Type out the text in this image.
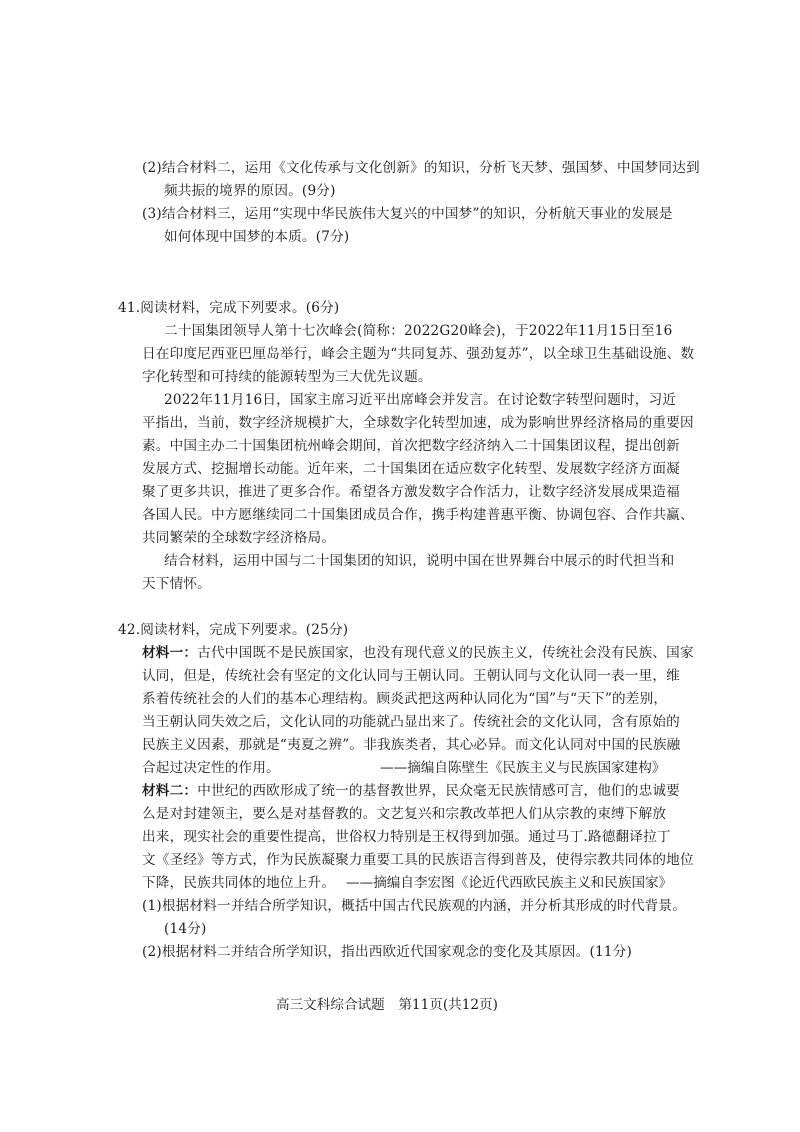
(2)结合材料二，运用《文化传承与文化创新》的知识，分析飞天梦、强国梦、中国梦同达到
频共振的境界的原因。(9分)
(3)结合材料三，运用“实现中华民族伟大复兴的中国梦”的知识，分析航天事业的发展是
如何体现中国梦的本质。(7分)
41.阅读材料，完成下列要求。(6分)
二十国集团领导人第十七次峰会(简称：2022G20峰会)，于2022年11月15日至16
日在印度尼西亚巴厘岛举行，峰会主题为“共同复苏、强劲复苏”，以全球卫生基础设施、数
字化转型和可持续的能源转型为三大优先议题。
2022年11月16日，国家主席习近平出席峰会并发言。在讨论数字转型问题时，习近
平指出，当前，数字经济规模扩大，全球数字化转型加速，成为影响世界经济格局的重要因
素。中国主办二十国集团杭州峰会期间，首次把数字经济纳入二十国集团议程，提出创新
发展方式、挖掘增长动能。近年来，二十国集团在适应数字化转型、发展数字经济方面凝
聚了更多共识，推进了更多合作。希望各方激发数字合作活力，让数字经济发展成果造福
各国人民。中方愿继续同二十国集团成员合作，携手构建普惠平衡、协调包容、合作共赢、
共同繁荣的全球数字经济格局。
结合材料，运用中国与二十国集团的知识，说明中国在世界舞台中展示的时代担当和
天下情怀。
42.阅读材料，完成下列要求。(25分)
材料一：古代中国既不是民族国家，也没有现代意义的民族主义，传统社会没有民族、国家
认同，但是，传统社会有坚定的文化认同与王朝认同。王朝认同与文化认同一表一里，维
系着传统社会的人们的基本心理结构。顾炎武把这两种认同化为“国”与“天下”的差别，
当王朝认同失效之后，文化认同的功能就凸显出来了。传统社会的文化认同，含有原始的
民族主义因素，那就是“夷夏之辨”。非我族类者，其心必异。而文化认同对中国的民族融
合起过决定性的作用。	——摘编自陈壁生《民族主义与民族国家建构》
材料二：中世纪的西欧形成了统一的基督教世界，民众毫无民族情感可言，他们的忠诚要
么是对封建领主，要么是对基督教的。文艺复兴和宗教改革把人们从宗教的束缚下解放
出来，现实社会的重要性提高，世俗权力特别是王权得到加强。通过马丁.路德翻译拉丁
文《圣经》等方式，作为民族凝聚力重要工具的民族语言得到普及，使得宗教共同体的地位
下降，民族共同体的地位上升。 ——摘编自李宏图《论近代西欧民族主义和民族国家》
(1)根据材料一并结合所学知识，概括中国古代民族观的内涵，并分析其形成的时代背景。
(14分)
(2)根据材料二并结合所学知识，指出西欧近代国家观念的变化及其原因。(11分)
高三文科综合试题　第11页(共12页)
